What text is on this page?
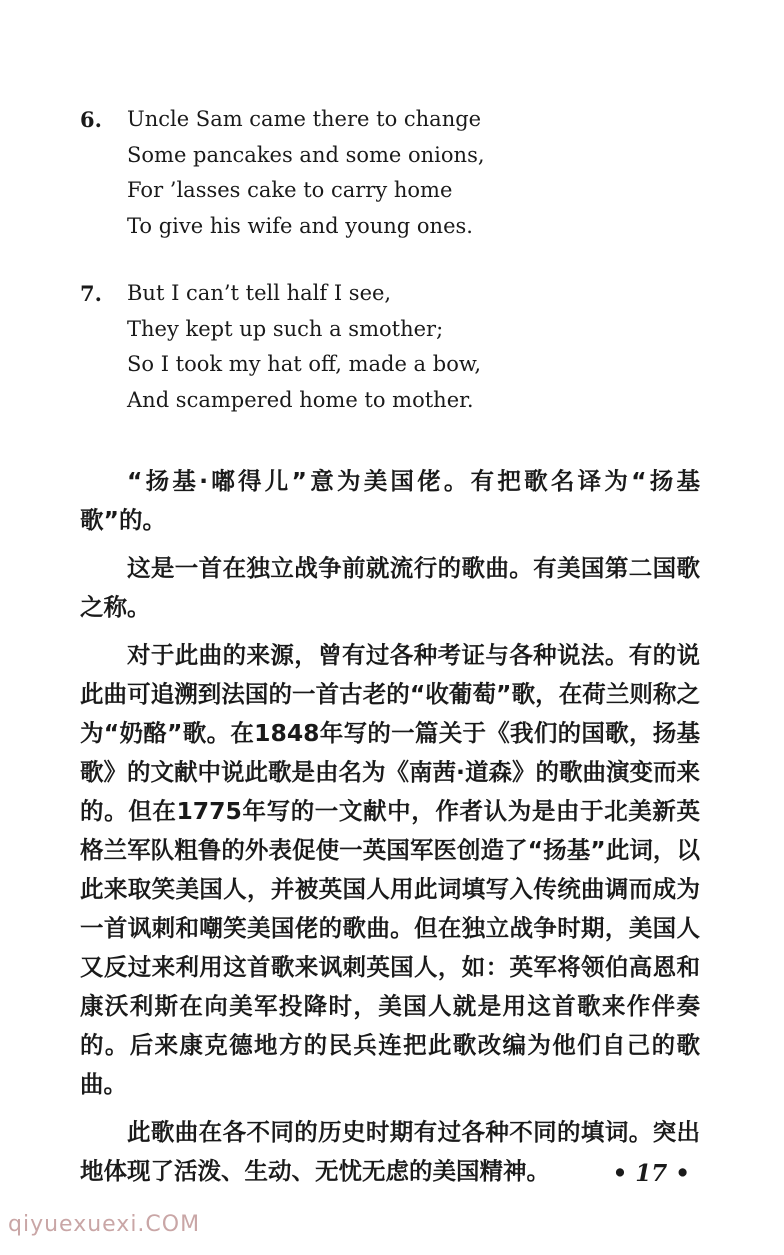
6. Uncle Sam came there to change
Some pancakes and some onions,
For ’lasses cake to carry home
To give his wife and young ones.
7. But I can’t tell half I see,
They kept up such a smother;
So I took my hat off, made a bow,
And scampered home to mother.

“扬基·嘟得儿”意为美国佬。有把歌名译为“扬基歌”的。

这是一首在独立战争前就流行的歌曲。有美国第二国歌之称。

对于此曲的来源，曾有过各种考证与各种说法。有的说此曲可追溯到法国的一首古老的“收葡萄”歌，在荷兰则称之为“奶酪”歌。在1848年写的一篇关于《我们的国歌，扬基歌》的文献中说此歌是由名为《南茜·道森》的歌曲演变而来的。但在1775年写的一文献中，作者认为是由于北美新英格兰军队粗鲁的外表促使一英国军医创造了“扬基”此词，以此来取笑美国人，并被英国人用此词填写入传统曲调而成为一首讽刺和嘲笑美国佬的歌曲。但在独立战争时期，美国人又反过来利用这首歌来讽刺英国人，如：英军将领伯高恩和康沃利斯在向美军投降时，美国人就是用这首歌来作伴奏的。后来康克德地方的民兵连把此歌改编为他们自己的歌曲。

此歌曲在各不同的历史时期有过各种不同的填词。突出地体现了活泼、生动、无忧无虑的美国精神。	• 17 •
qiyuexuexi.COM
